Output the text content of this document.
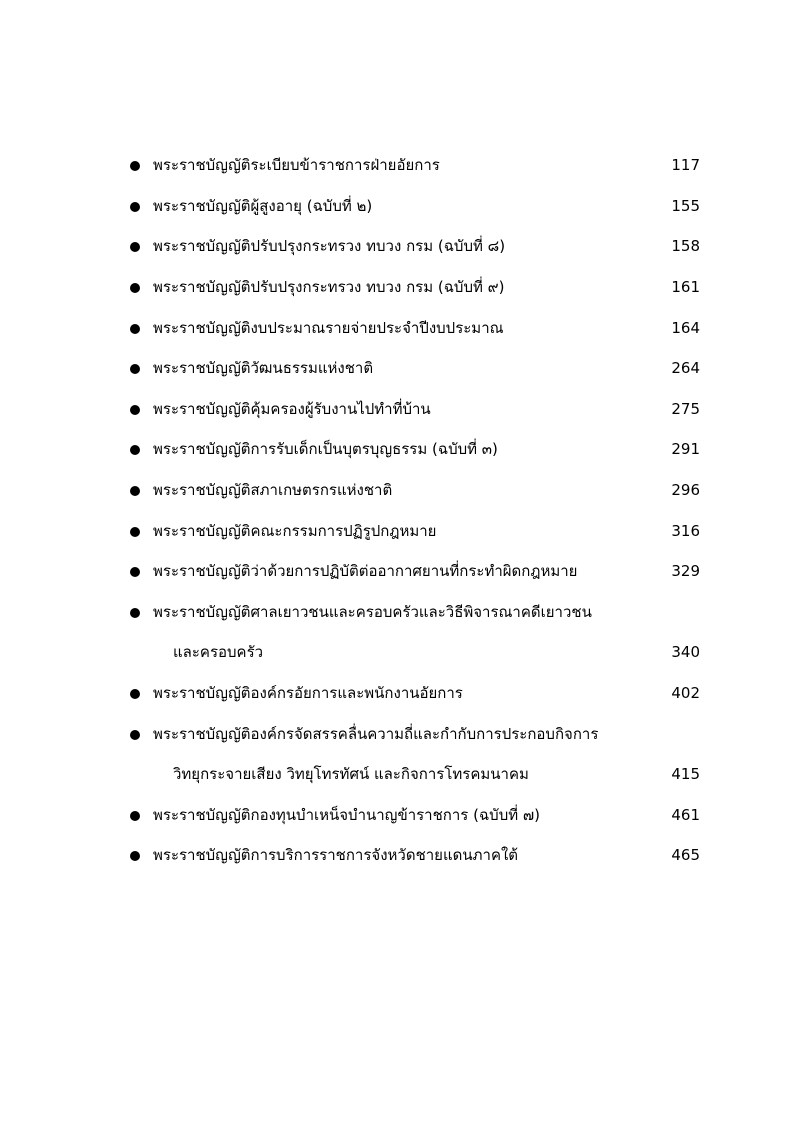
พระราชบัญญัติระเบียบข้าราชการฝ่ายอัยการ	117
พระราชบัญญัติผู้สูงอายุ (ฉบับที่ ๒)	155
พระราชบัญญัติปรับปรุงกระทรวง ทบวง กรม (ฉบับที่ ๘)	158
พระราชบัญญัติปรับปรุงกระทรวง ทบวง กรม (ฉบับที่ ๙)	161
พระราชบัญญัติงบประมาณรายจ่ายประจำปีงบประมาณ	164
พระราชบัญญัติวัฒนธรรมแห่งชาติ	264
พระราชบัญญัติคุ้มครองผู้รับงานไปทำที่บ้าน	275
พระราชบัญญัติการรับเด็กเป็นบุตรบุญธรรม (ฉบับที่ ๓)	291
พระราชบัญญัติสภาเกษตรกรแห่งชาติ	296
พระราชบัญญัติคณะกรรมการปฏิรูปกฎหมาย	316
พระราชบัญญัติว่าด้วยการปฏิบัติต่ออากาศยานที่กระทำผิดกฎหมาย	329
พระราชบัญญัติศาลเยาวชนและครอบครัวและวิธีพิจารณาคดีเยาวชน
และครอบครัว	340
พระราชบัญญัติองค์กรอัยการและพนักงานอัยการ	402
พระราชบัญญัติองค์กรจัดสรรคลื่นความถี่และกำกับการประกอบกิจการ
วิทยุกระจายเสียง วิทยุโทรทัศน์ และกิจการโทรคมนาคม	415
พระราชบัญญัติกองทุนบำเหน็จบำนาญข้าราชการ (ฉบับที่ ๗)	461
พระราชบัญญัติการบริการราชการจังหวัดชายแดนภาคใต้	465
